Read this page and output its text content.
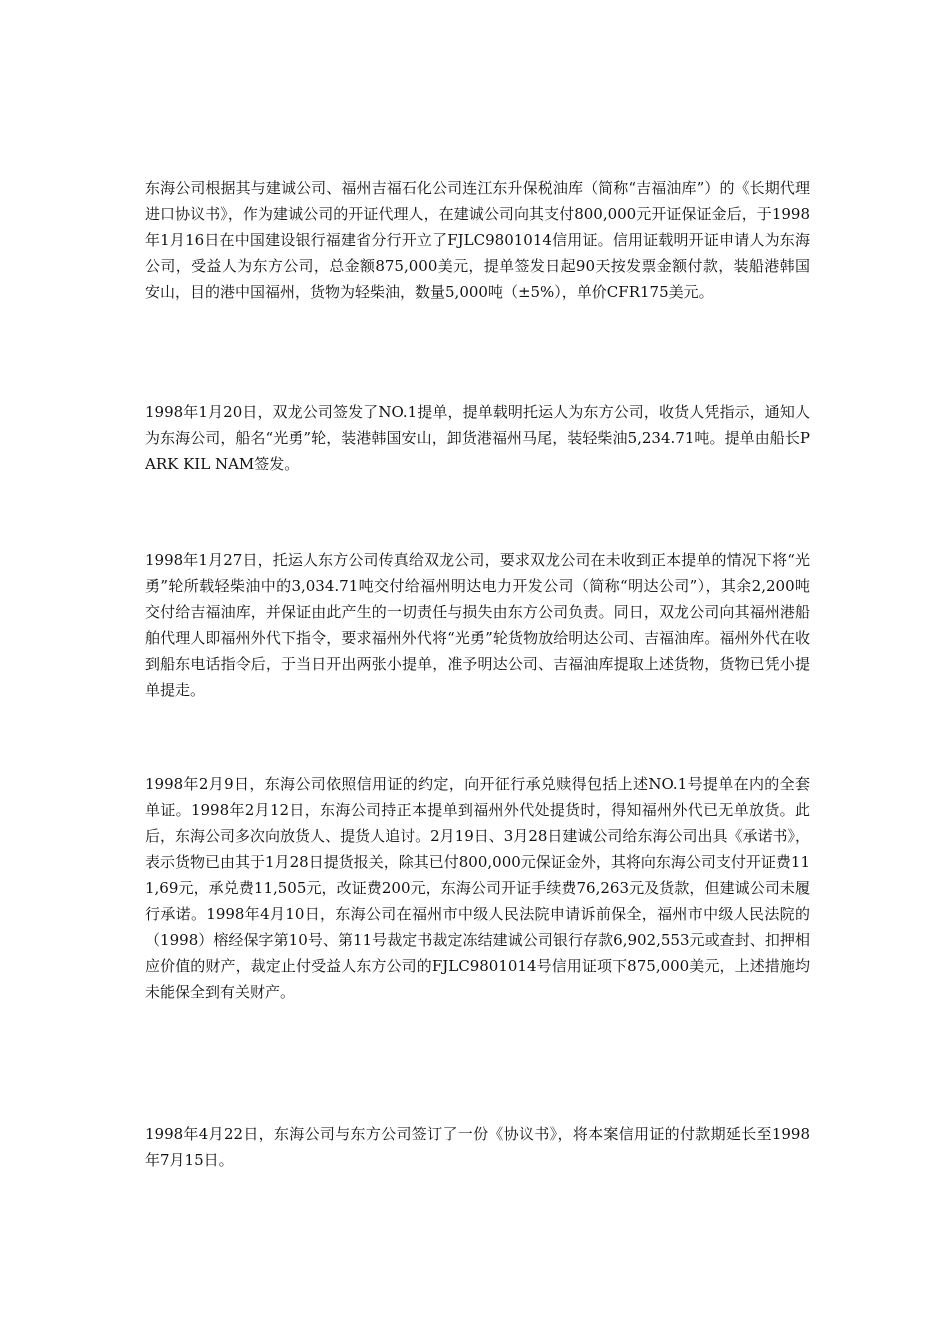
东海公司根据其与建诚公司、福州吉福石化公司连江东升保税油库（简称“吉福油库”）的《长期代理进口协议书》，作为建诚公司的开证代理人，在建诚公司向其支付800,000元开证保证金后，于1998年1月16日在中国建设银行福建省分行开立了FJLC9801014信用证。信用证载明开证申请人为东海公司，受益人为东方公司，总金额875,000美元，提单签发日起90天按发票金额付款，装船港韩国安山，目的港中国福州，货物为轻柴油，数量5,000吨（±5%），单价CFR175美元。

1998年1月20日，双龙公司签发了NO.1提单，提单载明托运人为东方公司，收货人凭指示，通知人为东海公司，船名“光勇”轮，装港韩国安山，卸货港福州马尾，装轻柴油5,234.71吨。提单由船长PARK KIL NAM签发。

1998年1月27日，托运人东方公司传真给双龙公司，要求双龙公司在未收到正本提单的情况下将“光勇”轮所载轻柴油中的3,034.71吨交付给福州明达电力开发公司（简称“明达公司”），其余2,200吨交付给吉福油库，并保证由此产生的一切责任与损失由东方公司负责。同日，双龙公司向其福州港船舶代理人即福州外代下指令，要求福州外代将“光勇”轮货物放给明达公司、吉福油库。福州外代在收到船东电话指令后，于当日开出两张小提单，准予明达公司、吉福油库提取上述货物，货物已凭小提单提走。

1998年2月9日，东海公司依照信用证的约定，向开征行承兑赎得包括上述NO.1号提单在内的全套单证。1998年2月12日，东海公司持正本提单到福州外代处提货时，得知福州外代已无单放货。此后，东海公司多次向放货人、提货人追讨。2月19日、3月28日建诚公司给东海公司出具《承诺书》，表示货物已由其于1月28日提货报关，除其已付800,000元保证金外，其将向东海公司支付开证费111,69元，承兑费11,505元，改证费200元，东海公司开证手续费76,263元及货款，但建诚公司未履行承诺。1998年4月10日，东海公司在福州市中级人民法院申请诉前保全，福州市中级人民法院的（1998）榕经保字第10号、第11号裁定书裁定冻结建诚公司银行存款6,902,553元或查封、扣押相应价值的财产，裁定止付受益人东方公司的FJLC9801014号信用证项下875,000美元，上述措施均未能保全到有关财产。

1998年4月22日，东海公司与东方公司签订了一份《协议书》，将本案信用证的付款期延长至1998年7月15日。
